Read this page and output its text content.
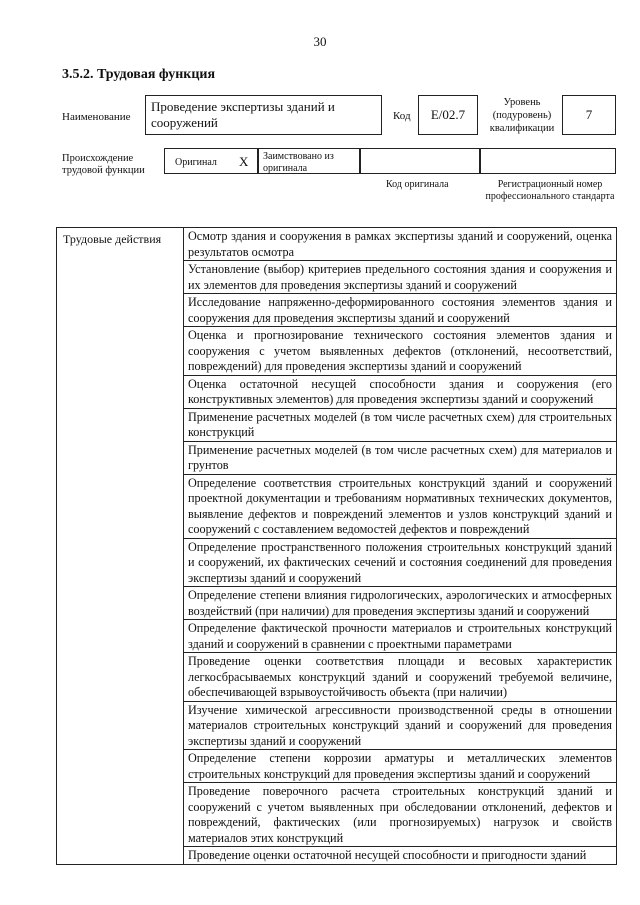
30
3.5.2. Трудовая функция
Наименование
Проведение экспертизы зданий и сооружений	Код	E/02.7
Уровень (подуровень) квалификации
7
Происхождение трудовой функции
Оригинал X Заимствовано из оригинала
Код оригинала	Регистрационный номер профессионального стандарта
Трудовые действия	Осмотр здания и сооружения в рамках экспертизы зданий и сооружений, оценка результатов осмотра
Установление (выбор) критериев предельного состояния здания и сооружения и их элементов для проведения экспертизы зданий и сооружений
Исследование напряженно-деформированного состояния элементов здания и сооружения для проведения экспертизы зданий и сооружений
Оценка и прогнозирование технического состояния элементов здания и сооружения с учетом выявленных дефектов (отклонений, несоответствий, повреждений) для проведения экспертизы зданий и сооружений
Оценка остаточной несущей способности здания и сооружения (его конструктивных элементов) для проведения экспертизы зданий и сооружений
Применение расчетных моделей (в том числе расчетных схем) для строительных конструкций
Применение расчетных моделей (в том числе расчетных схем) для материалов и грунтов
Определение соответствия строительных конструкций зданий и сооружений проектной документации и требованиям нормативных технических документов, выявление дефектов и повреждений элементов и узлов конструкций зданий и сооружений с составлением ведомостей дефектов и повреждений
Определение пространственного положения строительных конструкций зданий и сооружений, их фактических сечений и состояния соединений для проведения экспертизы зданий и сооружений
Определение степени влияния гидрологических, аэрологических и атмосферных воздействий (при наличии) для проведения экспертизы зданий и сооружений
Определение фактической прочности материалов и строительных конструкций зданий и сооружений в сравнении с проектными параметрами
Проведение оценки соответствия площади и весовых характеристик легкосбрасываемых конструкций зданий и сооружений требуемой величине, обеспечивающей взрывоустойчивость объекта (при наличии)
Изучение химической агрессивности производственной среды в отношении материалов строительных конструкций зданий и сооружений для проведения экспертизы зданий и сооружений
Определение степени коррозии арматуры и металлических элементов строительных конструкций для проведения экспертизы зданий и сооружений
Проведение поверочного расчета строительных конструкций зданий и сооружений с учетом выявленных при обследовании отклонений, дефектов и повреждений, фактических (или прогнозируемых) нагрузок и свойств материалов этих конструкций
Проведение оценки остаточной несущей способности и пригодности зданий
